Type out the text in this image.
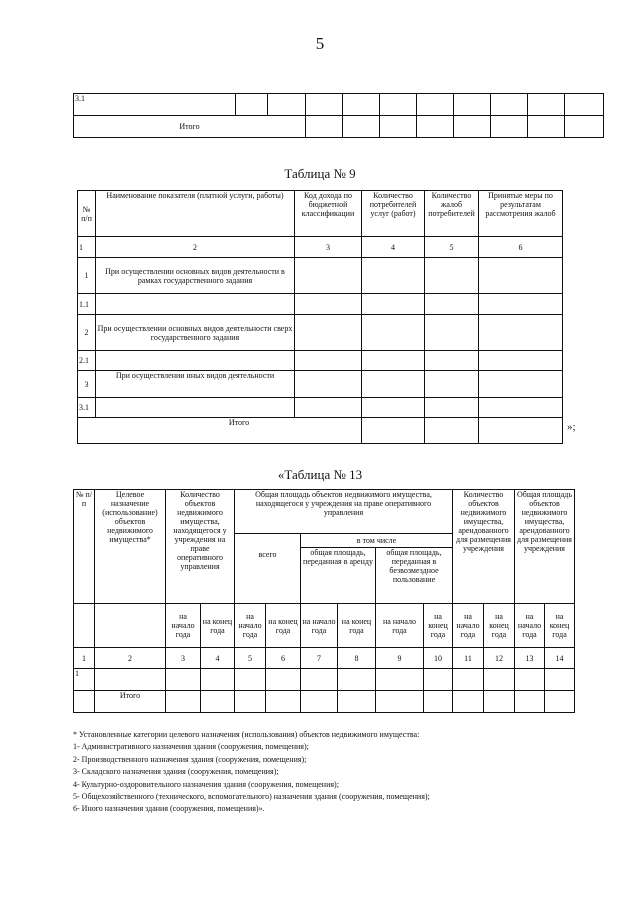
5
3.1										
Итого										
Таблица № 9
№ п/п	Наименование показателя (платной услуги, работы)	Код дохода по бюджетной классификации	Количество потребителей услуг (работ)	Количество жалоб потребителей	Принятые меры по результатам рассмотрения жалоб
1	2	3	4	5	6
1	При осуществлении основных видов деятельности в рамках государственного задания				
1.1					
2	При осуществлении основных видов деятельности сверх государственного задания				
2.1					
3	При осуществлении иных видов деятельности				
3.1					
Итого						»;
«Таблица № 13
№ п/п	Целевое назначение (использование) объектов недвижимого имущества*	Количество объектов недвижимого имущества, находящегося у учреждения на праве оперативного управления		Общая площадь объектов недвижимого имущества, находящегося у учреждения на праве оперативного управления						Количество объектов недвижимого имущества, арендованного для размещения учреждения		Общая площадь объектов недвижимого имущества, арендованного для размещения учреждения	
				всего		в том числе							
						общая площадь, переданная в аренду		общая площадь, переданная в безвозмездное пользование					
		на начало года	на конец года	на начало года	на конец года	на начало года	на конец года	на начало года	на конец года	на начало года	на конец года	на начало года	на конец года
1	2	3	4	5	6	7	8	9	10	11	12	13	14
1													
	Итого												
* Установленные категории целевого назначения (использования) объектов недвижимого имущества:
1- Административного назначения здания (сооружения, помещения);
2- Производственного назначения здания (сооружения, помещения);
3- Складского назначения здания (сооружения, помещения);
4- Культурно-оздоровительного назначения здания (сооружения, помещения);
5- Общехозяйственного (технического, вспомогательного) назначения здания (сооружения, помещения);
6- Иного назначения здания (сооружения, помещения)».
